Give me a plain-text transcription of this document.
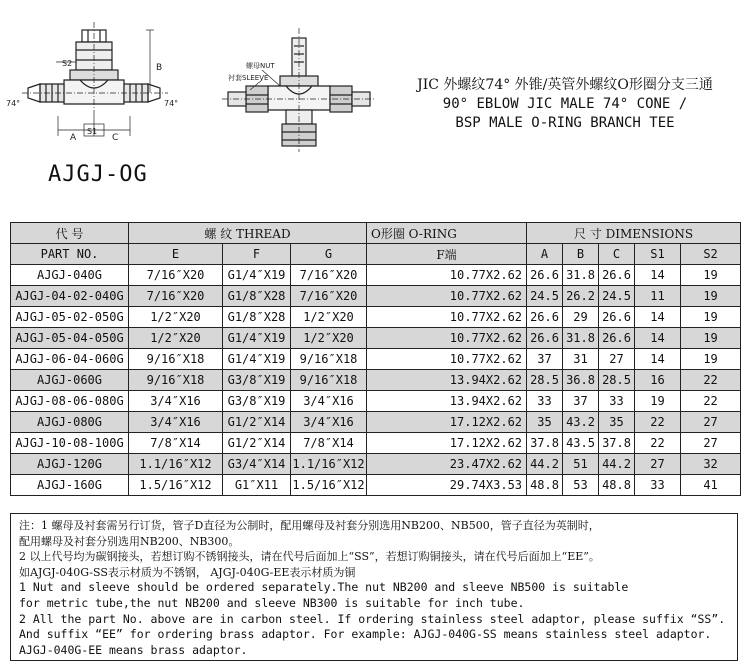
S2	B
74°	74°
A
S1
C
螺母NUT
衬套SLEEVE	JIC 外螺纹74° 外锥/英管外螺纹O形圈分支三通
90° EBLOW JIC MALE 74° CONE /
BSP MALE O-RING BRANCH TEE
AJGJ-OG
代 号	螺 纹 THREAD			O形圈 O-RING	尺 寸 DIMENSIONS				
PART NO.	E	F	G	F端	A	B	C	S1	S2
AJGJ-040G	7/16″X20	G1/4″X19	7/16″X20	10.77X2.62	26.6	31.8	26.6	14	19
AJGJ-04-02-040G	7/16″X20	G1/8″X28	7/16″X20	10.77X2.62	24.5	26.2	24.5	11	19
AJGJ-05-02-050G	1/2″X20	G1/8″X28	1/2″X20	10.77X2.62	26.6	29	26.6	14	19
AJGJ-05-04-050G	1/2″X20	G1/4″X19	1/2″X20	10.77X2.62	26.6	31.8	26.6	14	19
AJGJ-06-04-060G	9/16″X18	G1/4″X19	9/16″X18	10.77X2.62	37	31	27	14	19
AJGJ-060G	9/16″X18	G3/8″X19	9/16″X18	13.94X2.62	28.5	36.8	28.5	16	22
AJGJ-08-06-080G	3/4″X16	G3/8″X19	3/4″X16	13.94X2.62	33	37	33	19	22
AJGJ-080G	3/4″X16	G1/2″X14	3/4″X16	17.12X2.62	35	43.2	35	22	27
AJGJ-10-08-100G	7/8″X14	G1/2″X14	7/8″X14	17.12X2.62	37.8	43.5	37.8	22	27
AJGJ-120G	1.1/16″X12	G3/4″X14	1.1/16″X12	23.47X2.62	44.2	51	44.2	27	32
AJGJ-160G	1.5/16″X12	G1″X11	1.5/16″X12	29.74X3.53	48.8	53	48.8	33	41
注：1 螺母及衬套需另行订货，管子D直径为公制时，配用螺母及衬套分别选用NB200、NB500，管子直径为英制时，
配用螺母及衬套分别选用NB200、NB300。
2 以上代号均为碳钢接头，若想订购不锈钢接头，请在代号后面加上“SS”，若想订购铜接头，请在代号后面加上“EE”。
如AJGJ-040G-SS表示材质为不锈钢， AJGJ-040G-EE表示材质为铜
1 Nut and sleeve should be ordered separately.The nut NB200 and sleeve NB500 is suitable
for metric tube,the nut NB200 and sleeve NB300 is suitable for inch tube.
2 All the part No. above are in carbon steel. If ordering stainless steel adaptor, please suffix “SS”.
And suffix “EE” for ordering brass adaptor. For example: AJGJ-040G-SS means stainless steel adaptor.
AJGJ-040G-EE means brass adaptor.
